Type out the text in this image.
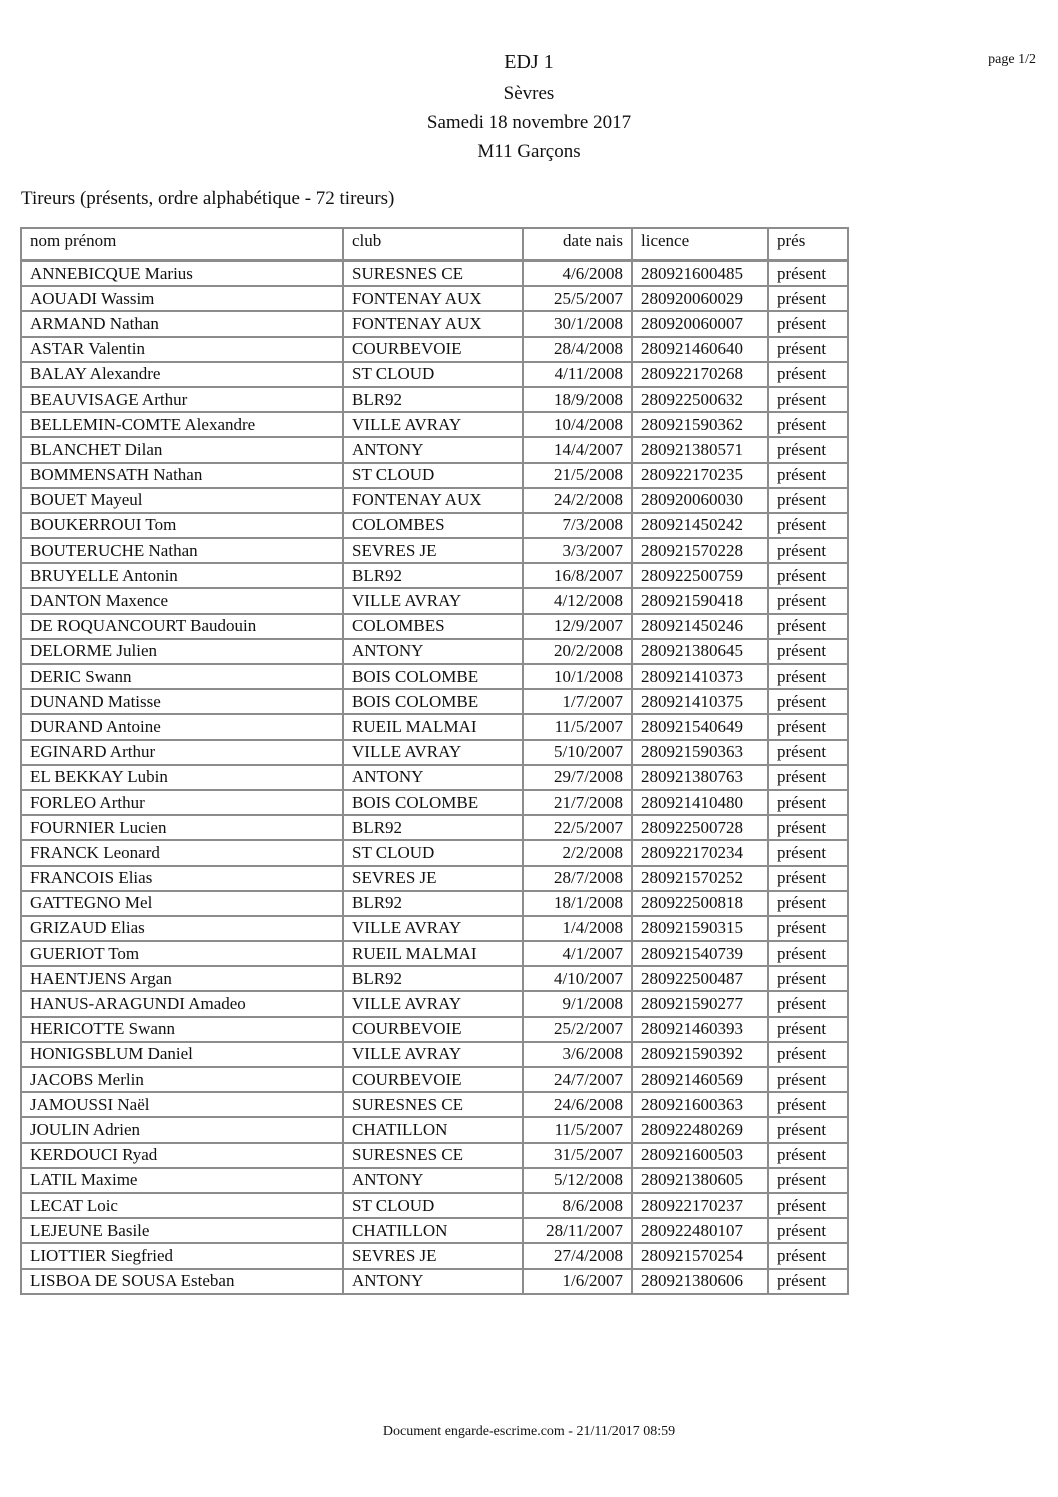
page 1/2
EDJ 1
Sèvres
Samedi 18 novembre 2017
M11 Garçons
Tireurs (présents, ordre alphabétique - 72 tireurs)
nom prénom	club	date nais	licence	prés
ANNEBICQUE Marius	SURESNES CE	4/6/2008	280921600485	présent
AOUADI Wassim	FONTENAY AUX	25/5/2007	280920060029	présent
ARMAND Nathan	FONTENAY AUX	30/1/2008	280920060007	présent
ASTAR Valentin	COURBEVOIE	28/4/2008	280921460640	présent
BALAY Alexandre	ST CLOUD	4/11/2008	280922170268	présent
BEAUVISAGE Arthur	BLR92	18/9/2008	280922500632	présent
BELLEMIN-COMTE Alexandre	VILLE AVRAY	10/4/2008	280921590362	présent
BLANCHET Dilan	ANTONY	14/4/2007	280921380571	présent
BOMMENSATH Nathan	ST CLOUD	21/5/2008	280922170235	présent
BOUET Mayeul	FONTENAY AUX	24/2/2008	280920060030	présent
BOUKERROUI Tom	COLOMBES	7/3/2008	280921450242	présent
BOUTERUCHE Nathan	SEVRES JE	3/3/2007	280921570228	présent
BRUYELLE Antonin	BLR92	16/8/2007	280922500759	présent
DANTON Maxence	VILLE AVRAY	4/12/2008	280921590418	présent
DE ROQUANCOURT Baudouin	COLOMBES	12/9/2007	280921450246	présent
DELORME Julien	ANTONY	20/2/2008	280921380645	présent
DERIC Swann	BOIS COLOMBE	10/1/2008	280921410373	présent
DUNAND Matisse	BOIS COLOMBE	1/7/2007	280921410375	présent
DURAND Antoine	RUEIL MALMAI	11/5/2007	280921540649	présent
EGINARD Arthur	VILLE AVRAY	5/10/2007	280921590363	présent
EL BEKKAY Lubin	ANTONY	29/7/2008	280921380763	présent
FORLEO Arthur	BOIS COLOMBE	21/7/2008	280921410480	présent
FOURNIER Lucien	BLR92	22/5/2007	280922500728	présent
FRANCK Leonard	ST CLOUD	2/2/2008	280922170234	présent
FRANCOIS Elias	SEVRES JE	28/7/2008	280921570252	présent
GATTEGNO Mel	BLR92	18/1/2008	280922500818	présent
GRIZAUD Elias	VILLE AVRAY	1/4/2008	280921590315	présent
GUERIOT Tom	RUEIL MALMAI	4/1/2007	280921540739	présent
HAENTJENS Argan	BLR92	4/10/2007	280922500487	présent
HANUS-ARAGUNDI Amadeo	VILLE AVRAY	9/1/2008	280921590277	présent
HERICOTTE Swann	COURBEVOIE	25/2/2007	280921460393	présent
HONIGSBLUM Daniel	VILLE AVRAY	3/6/2008	280921590392	présent
JACOBS Merlin	COURBEVOIE	24/7/2007	280921460569	présent
JAMOUSSI Naël	SURESNES CE	24/6/2008	280921600363	présent
JOULIN Adrien	CHATILLON	11/5/2007	280922480269	présent
KERDOUCI Ryad	SURESNES CE	31/5/2007	280921600503	présent
LATIL Maxime	ANTONY	5/12/2008	280921380605	présent
LECAT Loic	ST CLOUD	8/6/2008	280922170237	présent
LEJEUNE Basile	CHATILLON	28/11/2007	280922480107	présent
LIOTTIER Siegfried	SEVRES JE	27/4/2008	280921570254	présent
LISBOA DE SOUSA Esteban	ANTONY	1/6/2007	280921380606	présent
Document engarde-escrime.com - 21/11/2017 08:59
